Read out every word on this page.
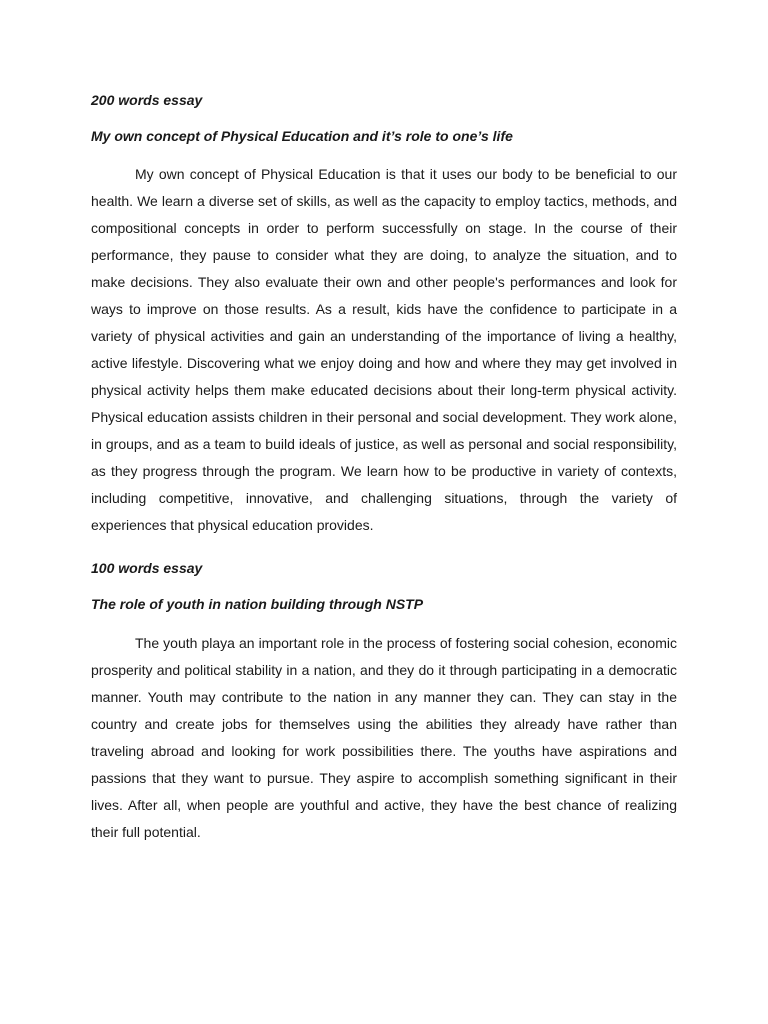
200 words essay

My own concept of Physical Education and it’s role to one’s life

My own concept of Physical Education is that it uses our body to be beneficial to our health. We learn a diverse set of skills, as well as the capacity to employ tactics, methods, and compositional concepts in order to perform successfully on stage. In the course of their performance, they pause to consider what they are doing, to analyze the situation, and to make decisions. They also evaluate their own and other people's performances and look for ways to improve on those results. As a result, kids have the confidence to participate in a variety of physical activities and gain an understanding of the importance of living a healthy, active lifestyle. Discovering what we enjoy doing and how and where they may get involved in physical activity helps them make educated decisions about their long-term physical activity. Physical education assists children in their personal and social development. They work alone, in groups, and as a team to build ideals of justice, as well as personal and social responsibility, as they progress through the program. We learn how to be productive in variety of contexts, including competitive, innovative, and challenging situations, through the variety of experiences that physical education provides.

100 words essay

The role of youth in nation building through NSTP

The youth playa an important role in the process of fostering social cohesion, economic prosperity and political stability in a nation, and they do it through participating in a democratic manner. Youth may contribute to the nation in any manner they can. They can stay in the country and create jobs for themselves using the abilities they already have rather than traveling abroad and looking for work possibilities there. The youths have aspirations and passions that they want to pursue. They aspire to accomplish something significant in their lives. After all, when people are youthful and active, they have the best chance of realizing their full potential.
